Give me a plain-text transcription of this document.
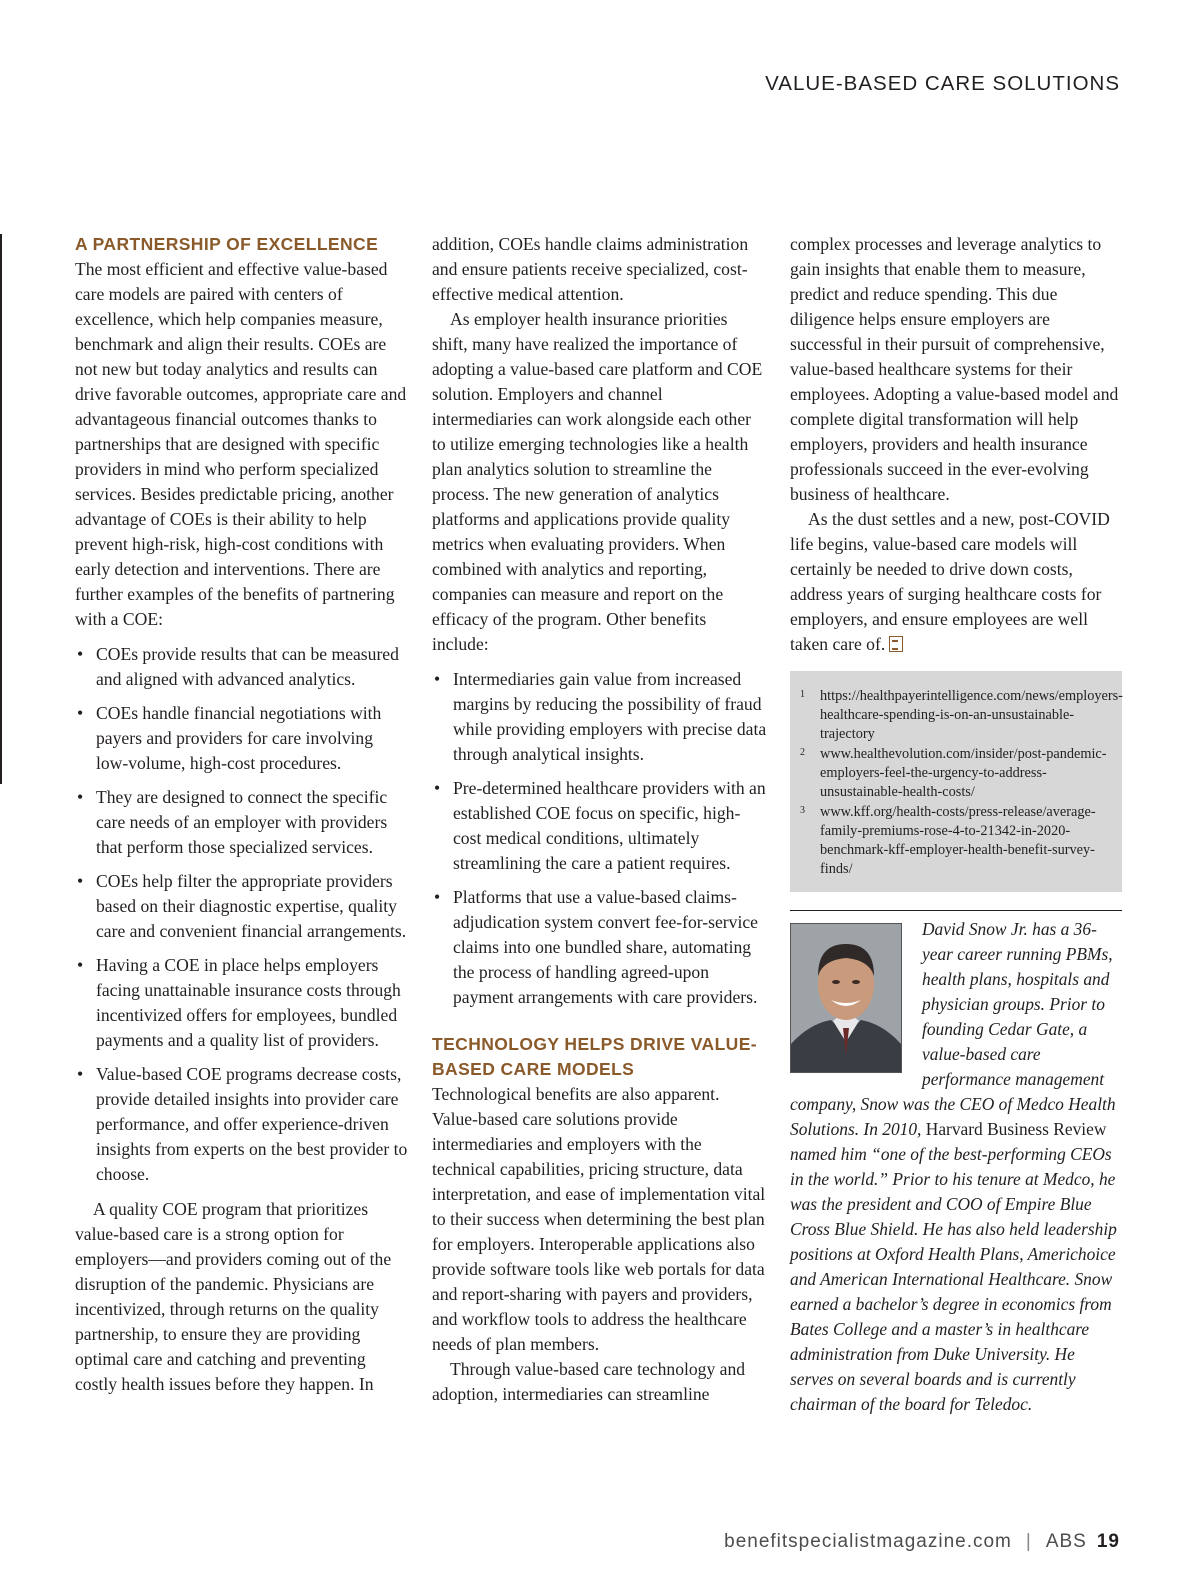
VALUE-BASED CARE SOLUTIONS
A PARTNERSHIP OF EXCELLENCE

The most efficient and effective value-based care models are paired with centers of excellence, which help companies measure, benchmark and align their results. COEs are not new but today analytics and results can drive favorable outcomes, appropriate care and advantageous financial outcomes thanks to partnerships that are designed with specific providers in mind who perform specialized services. Besides predictable pricing, another advantage of COEs is their ability to help prevent high-risk, high-cost conditions with early detection and interventions. There are further examples of the benefits of partnering with a COE:

• COEs provide results that can be measured and aligned with advanced analytics.
• COEs handle financial negotiations with payers and providers for care involving low-volume, high-cost procedures.
• They are designed to connect the specific care needs of an employer with providers that perform those specialized services.
• COEs help filter the appropriate providers based on their diagnostic expertise, quality care and convenient financial arrangements.
• Having a COE in place helps employers facing unattainable insurance costs through incentivized offers for employees, bundled payments and a quality list of providers.
• Value-based COE programs decrease costs, provide detailed insights into provider care performance, and offer experience-driven insights from experts on the best provider to choose.

A quality COE program that prioritizes value-based care is a strong option for employers—and providers coming out of the disruption of the pandemic. Physicians are incentivized, through returns on the quality partnership, to ensure they are providing optimal care and catching and preventing costly health issues before they happen. In

addition, COEs handle claims administration and ensure patients receive specialized, cost-effective medical attention.

As employer health insurance priorities shift, many have realized the importance of adopting a value-based care platform and COE solution. Employers and channel intermediaries can work alongside each other to utilize emerging technologies like a health plan analytics solution to streamline the process. The new generation of analytics platforms and applications provide quality metrics when evaluating providers. When combined with analytics and reporting, companies can measure and report on the efficacy of the program. Other benefits include:

• Intermediaries gain value from increased margins by reducing the possibility of fraud while providing employers with precise data through analytical insights.
• Pre-determined healthcare providers with an established COE focus on specific, high-cost medical conditions, ultimately streamlining the care a patient requires.
• Platforms that use a value-based claims-adjudication system convert fee-for-service claims into one bundled share, automating the process of handling agreed-upon payment arrangements with care providers.
TECHNOLOGY HELPS DRIVE VALUE-BASED CARE MODELS

Technological benefits are also apparent. Value-based care solutions provide intermediaries and employers with the technical capabilities, pricing structure, data interpretation, and ease of implementation vital to their success when determining the best plan for employers. Interoperable applications also provide software tools like web portals for data and report-sharing with payers and providers, and workflow tools to address the healthcare needs of plan members.

Through value-based care technology and adoption, intermediaries can streamline

complex processes and leverage analytics to gain insights that enable them to measure, predict and reduce spending. This due diligence helps ensure employers are successful in their pursuit of comprehensive, value-based healthcare systems for their employees. Adopting a value-based model and complete digital transformation will help employers, providers and health insurance professionals succeed in the ever-evolving business of healthcare.

As the dust settles and a new, post-COVID life begins, value-based care models will certainly be needed to drive down costs, address years of surging healthcare costs for employers, and ensure employees are well taken care of.

1 https://healthpayerintelligence.com/news/employers-healthcare-spending-is-on-an-unsustainable-trajectory
2 www.healthevolution.com/insider/post-pandemic-employers-feel-the-urgency-to-address-unsustainable-health-costs/
3 www.kff.org/health-costs/press-release/average-family-premiums-rose-4-to-21342-in-2020-benchmark-kff-employer-health-benefit-survey-finds/
David Snow Jr. has a 36-year career running PBMs, health plans, hospitals and physician groups. Prior to founding Cedar Gate, a value-based care performance management company, Snow was the CEO of Medco Health Solutions. In 2010, Harvard Business Review named him “one of the best-performing CEOs in the world.” Prior to his tenure at Medco, he was the president and COO of Empire Blue Cross Blue Shield. He has also held leadership positions at Oxford Health Plans, Americhoice and American International Healthcare. Snow earned a bachelor’s degree in economics from Bates College and a master’s in healthcare administration from Duke University. He serves on several boards and is currently chairman of the board for Teledoc.
benefitspecialistmagazine.com | ABS 19
